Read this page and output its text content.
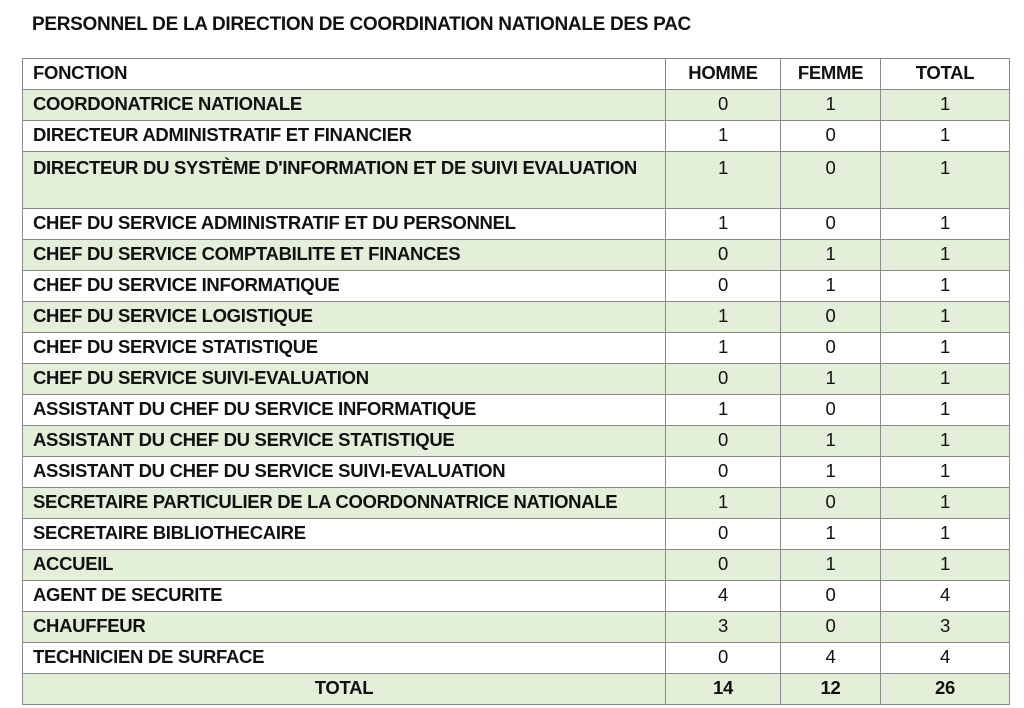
PERSONNEL DE LA DIRECTION DE COORDINATION NATIONALE DES PAC
FONCTION	HOMME	FEMME	TOTAL
COORDONATRICE NATIONALE	0	1	1
DIRECTEUR ADMINISTRATIF ET FINANCIER	1	0	1
DIRECTEUR DU SYSTÈME D'INFORMATION ET DE SUIVI EVALUATION	1	0	1
CHEF DU SERVICE ADMINISTRATIF ET DU PERSONNEL	1	0	1
CHEF DU SERVICE COMPTABILITE ET FINANCES	0	1	1
CHEF DU SERVICE INFORMATIQUE	0	1	1
CHEF DU SERVICE LOGISTIQUE	1	0	1
CHEF DU SERVICE STATISTIQUE	1	0	1
CHEF DU SERVICE SUIVI-EVALUATION	0	1	1
ASSISTANT DU CHEF DU SERVICE INFORMATIQUE	1	0	1
ASSISTANT DU CHEF DU SERVICE STATISTIQUE	0	1	1
ASSISTANT DU CHEF DU SERVICE SUIVI-EVALUATION	0	1	1
SECRETAIRE PARTICULIER DE LA COORDONNATRICE NATIONALE	1	0	1
SECRETAIRE BIBLIOTHECAIRE	0	1	1
ACCUEIL	0	1	1
AGENT DE SECURITE	4	0	4
CHAUFFEUR	3	0	3
TECHNICIEN DE SURFACE	0	4	4
TOTAL	14	12	26
